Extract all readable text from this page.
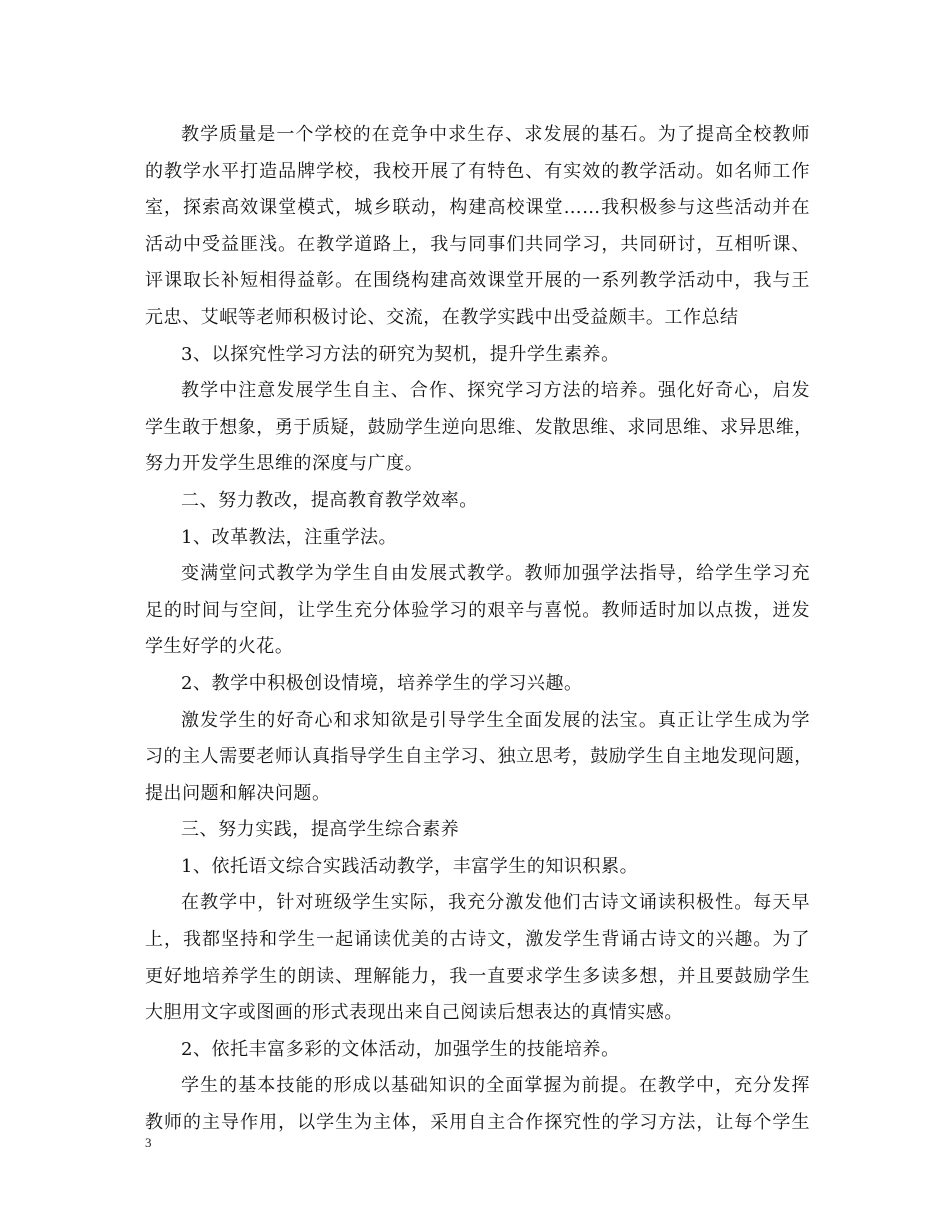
教学质量是一个学校的在竞争中求生存、求发展的基石。为了提高全校教师
的教学水平打造品牌学校，我校开展了有特色、有实效的教学活动。如名师工作
室，探索高效课堂模式，城乡联动，构建高校课堂……我积极参与这些活动并在
活动中受益匪浅。在教学道路上，我与同事们共同学习，共同研讨，互相听课、
评课取长补短相得益彰。在围绕构建高效课堂开展的一系列教学活动中，我与王
元忠、艾岷等老师积极讨论、交流，在教学实践中出受益颇丰。工作总结
3、以探究性学习方法的研究为契机，提升学生素养。
教学中注意发展学生自主、合作、探究学习方法的培养。强化好奇心，启发
学生敢于想象，勇于质疑，鼓励学生逆向思维、发散思维、求同思维、求异思维，
努力开发学生思维的深度与广度。
二、努力教改，提高教育教学效率。
1、改革教法，注重学法。
变满堂问式教学为学生自由发展式教学。教师加强学法指导，给学生学习充
足的时间与空间，让学生充分体验学习的艰辛与喜悦。教师适时加以点拨，迸发
学生好学的火花。
2、教学中积极创设情境，培养学生的学习兴趣。
激发学生的好奇心和求知欲是引导学生全面发展的法宝。真正让学生成为学
习的主人需要老师认真指导学生自主学习、独立思考，鼓励学生自主地发现问题，
提出问题和解决问题。
三、努力实践，提高学生综合素养
1、依托语文综合实践活动教学，丰富学生的知识积累。
在教学中，针对班级学生实际，我充分激发他们古诗文诵读积极性。每天早
上，我都坚持和学生一起诵读优美的古诗文，激发学生背诵古诗文的兴趣。为了
更好地培养学生的朗读、理解能力，我一直要求学生多读多想，并且要鼓励学生
大胆用文字或图画的形式表现出来自己阅读后想表达的真情实感。
2、依托丰富多彩的文体活动，加强学生的技能培养。
学生的基本技能的形成以基础知识的全面掌握为前提。在教学中，充分发挥
教师的主导作用，以学生为主体，采用自主合作探究性的学习方法，让每个学生
3
